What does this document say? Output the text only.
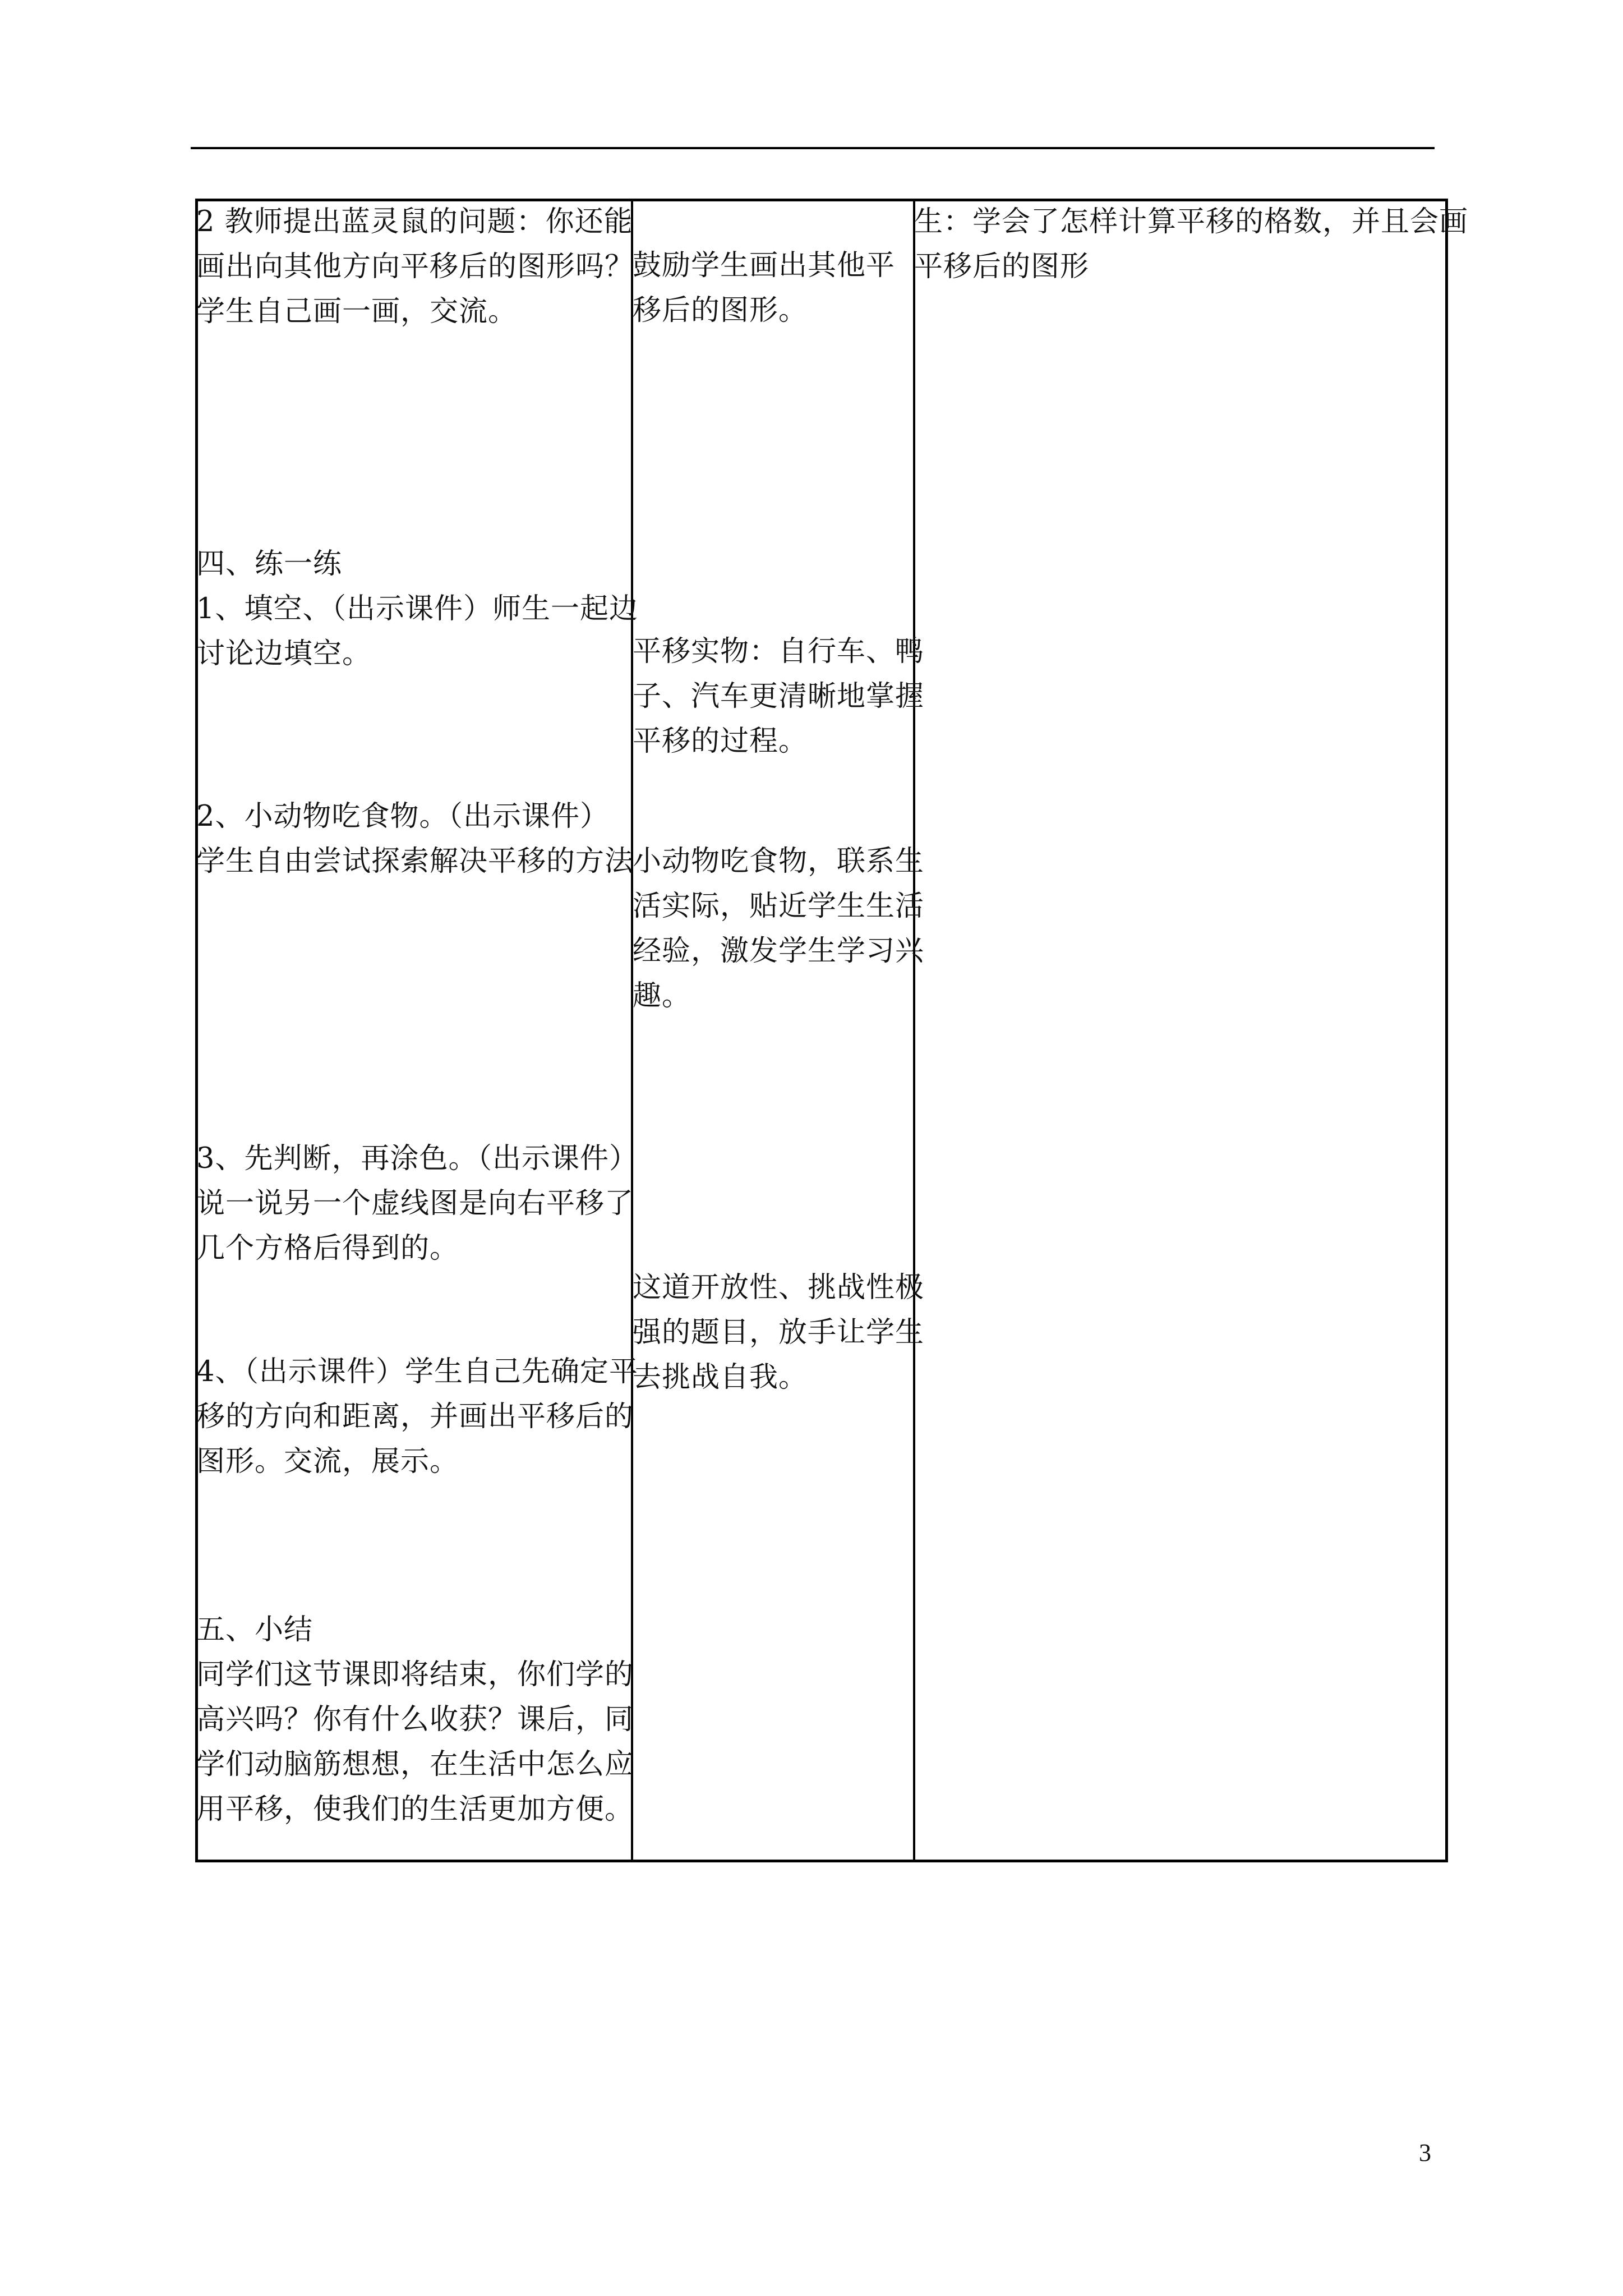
2 教师提出蓝灵鼠的问题：你还能
画出向其他方向平移后的图形吗？
学生自己画一画，交流。
四、练一练
1、填空、（出示课件）师生一起边
讨论边填空。
2、小动物吃食物。（出示课件）
学生自由尝试探索解决平移的方法
3、先判断，再涂色。（出示课件）
说一说另一个虚线图是向右平移了
几个方格后得到的。
4、（出示课件）学生自己先确定平
移的方向和距离，并画出平移后的
图形。交流，展示。
五、小结
同学们这节课即将结束，你们学的
高兴吗？你有什么收获？课后，同
学们动脑筋想想，在生活中怎么应
用平移，使我们的生活更加方便。
鼓励学生画出其他平
移后的图形。
平移实物：自行车、鸭
子、汽车更清晰地掌握
平移的过程。
小动物吃食物，联系生
活实际，贴近学生生活
经验，激发学生学习兴
趣。
这道开放性、挑战性极
强的题目，放手让学生
去挑战自我。
生：学会了怎样计算平移的格数，并且会画
平移后的图形
3
